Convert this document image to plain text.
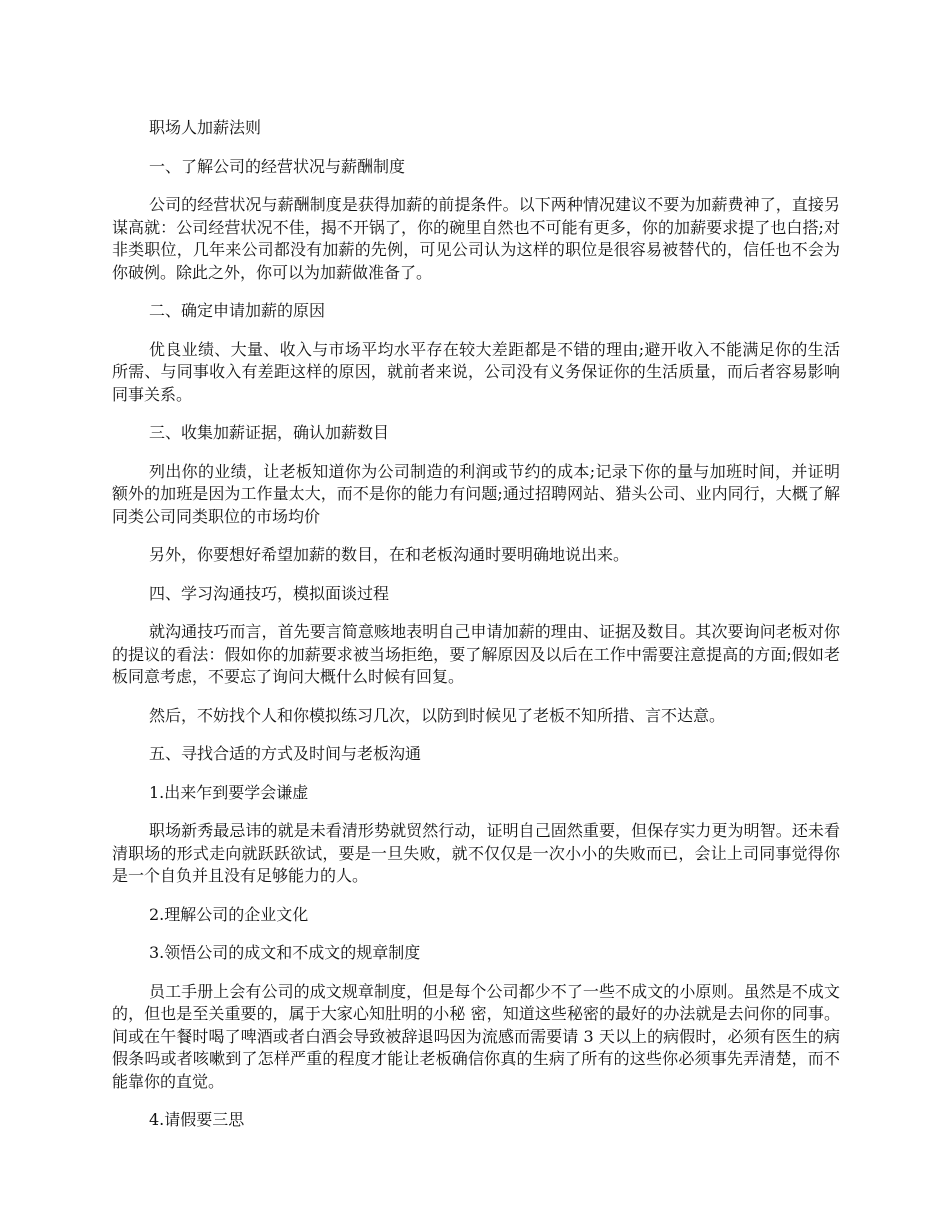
职场人加薪法则

一、了解公司的经营状况与薪酬制度

公司的经营状况与薪酬制度是获得加薪的前提条件。以下两种情况建议不要为加薪费神了，直接另谋高就：公司经营状况不佳，揭不开锅了，你的碗里自然也不可能有更多，你的加薪要求提了也白搭;对非类职位，几年来公司都没有加薪的先例，可见公司认为这样的职位是很容易被替代的，信任也不会为你破例。除此之外，你可以为加薪做准备了。

二、确定申请加薪的原因

优良业绩、大量、收入与市场平均水平存在较大差距都是不错的理由;避开收入不能满足你的生活所需、与同事收入有差距这样的原因，就前者来说，公司没有义务保证你的生活质量，而后者容易影响同事关系。

三、收集加薪证据，确认加薪数目

列出你的业绩，让老板知道你为公司制造的利润或节约的成本;记录下你的量与加班时间，并证明额外的加班是因为工作量太大，而不是你的能力有问题;通过招聘网站、猎头公司、业内同行，大概了解同类公司同类职位的市场均价

另外，你要想好希望加薪的数目，在和老板沟通时要明确地说出来。

四、学习沟通技巧，模拟面谈过程

就沟通技巧而言，首先要言简意赅地表明自己申请加薪的理由、证据及数目。其次要询问老板对你的提议的看法：假如你的加薪要求被当场拒绝，要了解原因及以后在工作中需要注意提高的方面;假如老板同意考虑，不要忘了询问大概什么时候有回复。

然后，不妨找个人和你模拟练习几次，以防到时候见了老板不知所措、言不达意。

五、寻找合适的方式及时间与老板沟通

1.出来乍到要学会谦虚

职场新秀最忌讳的就是未看清形势就贸然行动，证明自己固然重要，但保存实力更为明智。还未看清职场的形式走向就跃跃欲试，要是一旦失败，就不仅仅是一次小小的失败而已，会让上司同事觉得你是一个自负并且没有足够能力的人。

2.理解公司的企业文化

3.领悟公司的成文和不成文的规章制度

员工手册上会有公司的成文规章制度，但是每个公司都少不了一些不成文的小原则。虽然是不成文的，但也是至关重要的，属于大家心知肚明的小秘 密，知道这些秘密的最好的办法就是去问你的同事。间或在午餐时喝了啤酒或者白酒会导致被辞退吗因为流感而需要请 3 天以上的病假时，必须有医生的病 假条吗或者咳嗽到了怎样严重的程度才能让老板确信你真的生病了所有的这些你必须事先弄清楚，而不能靠你的直觉。

4.请假要三思
